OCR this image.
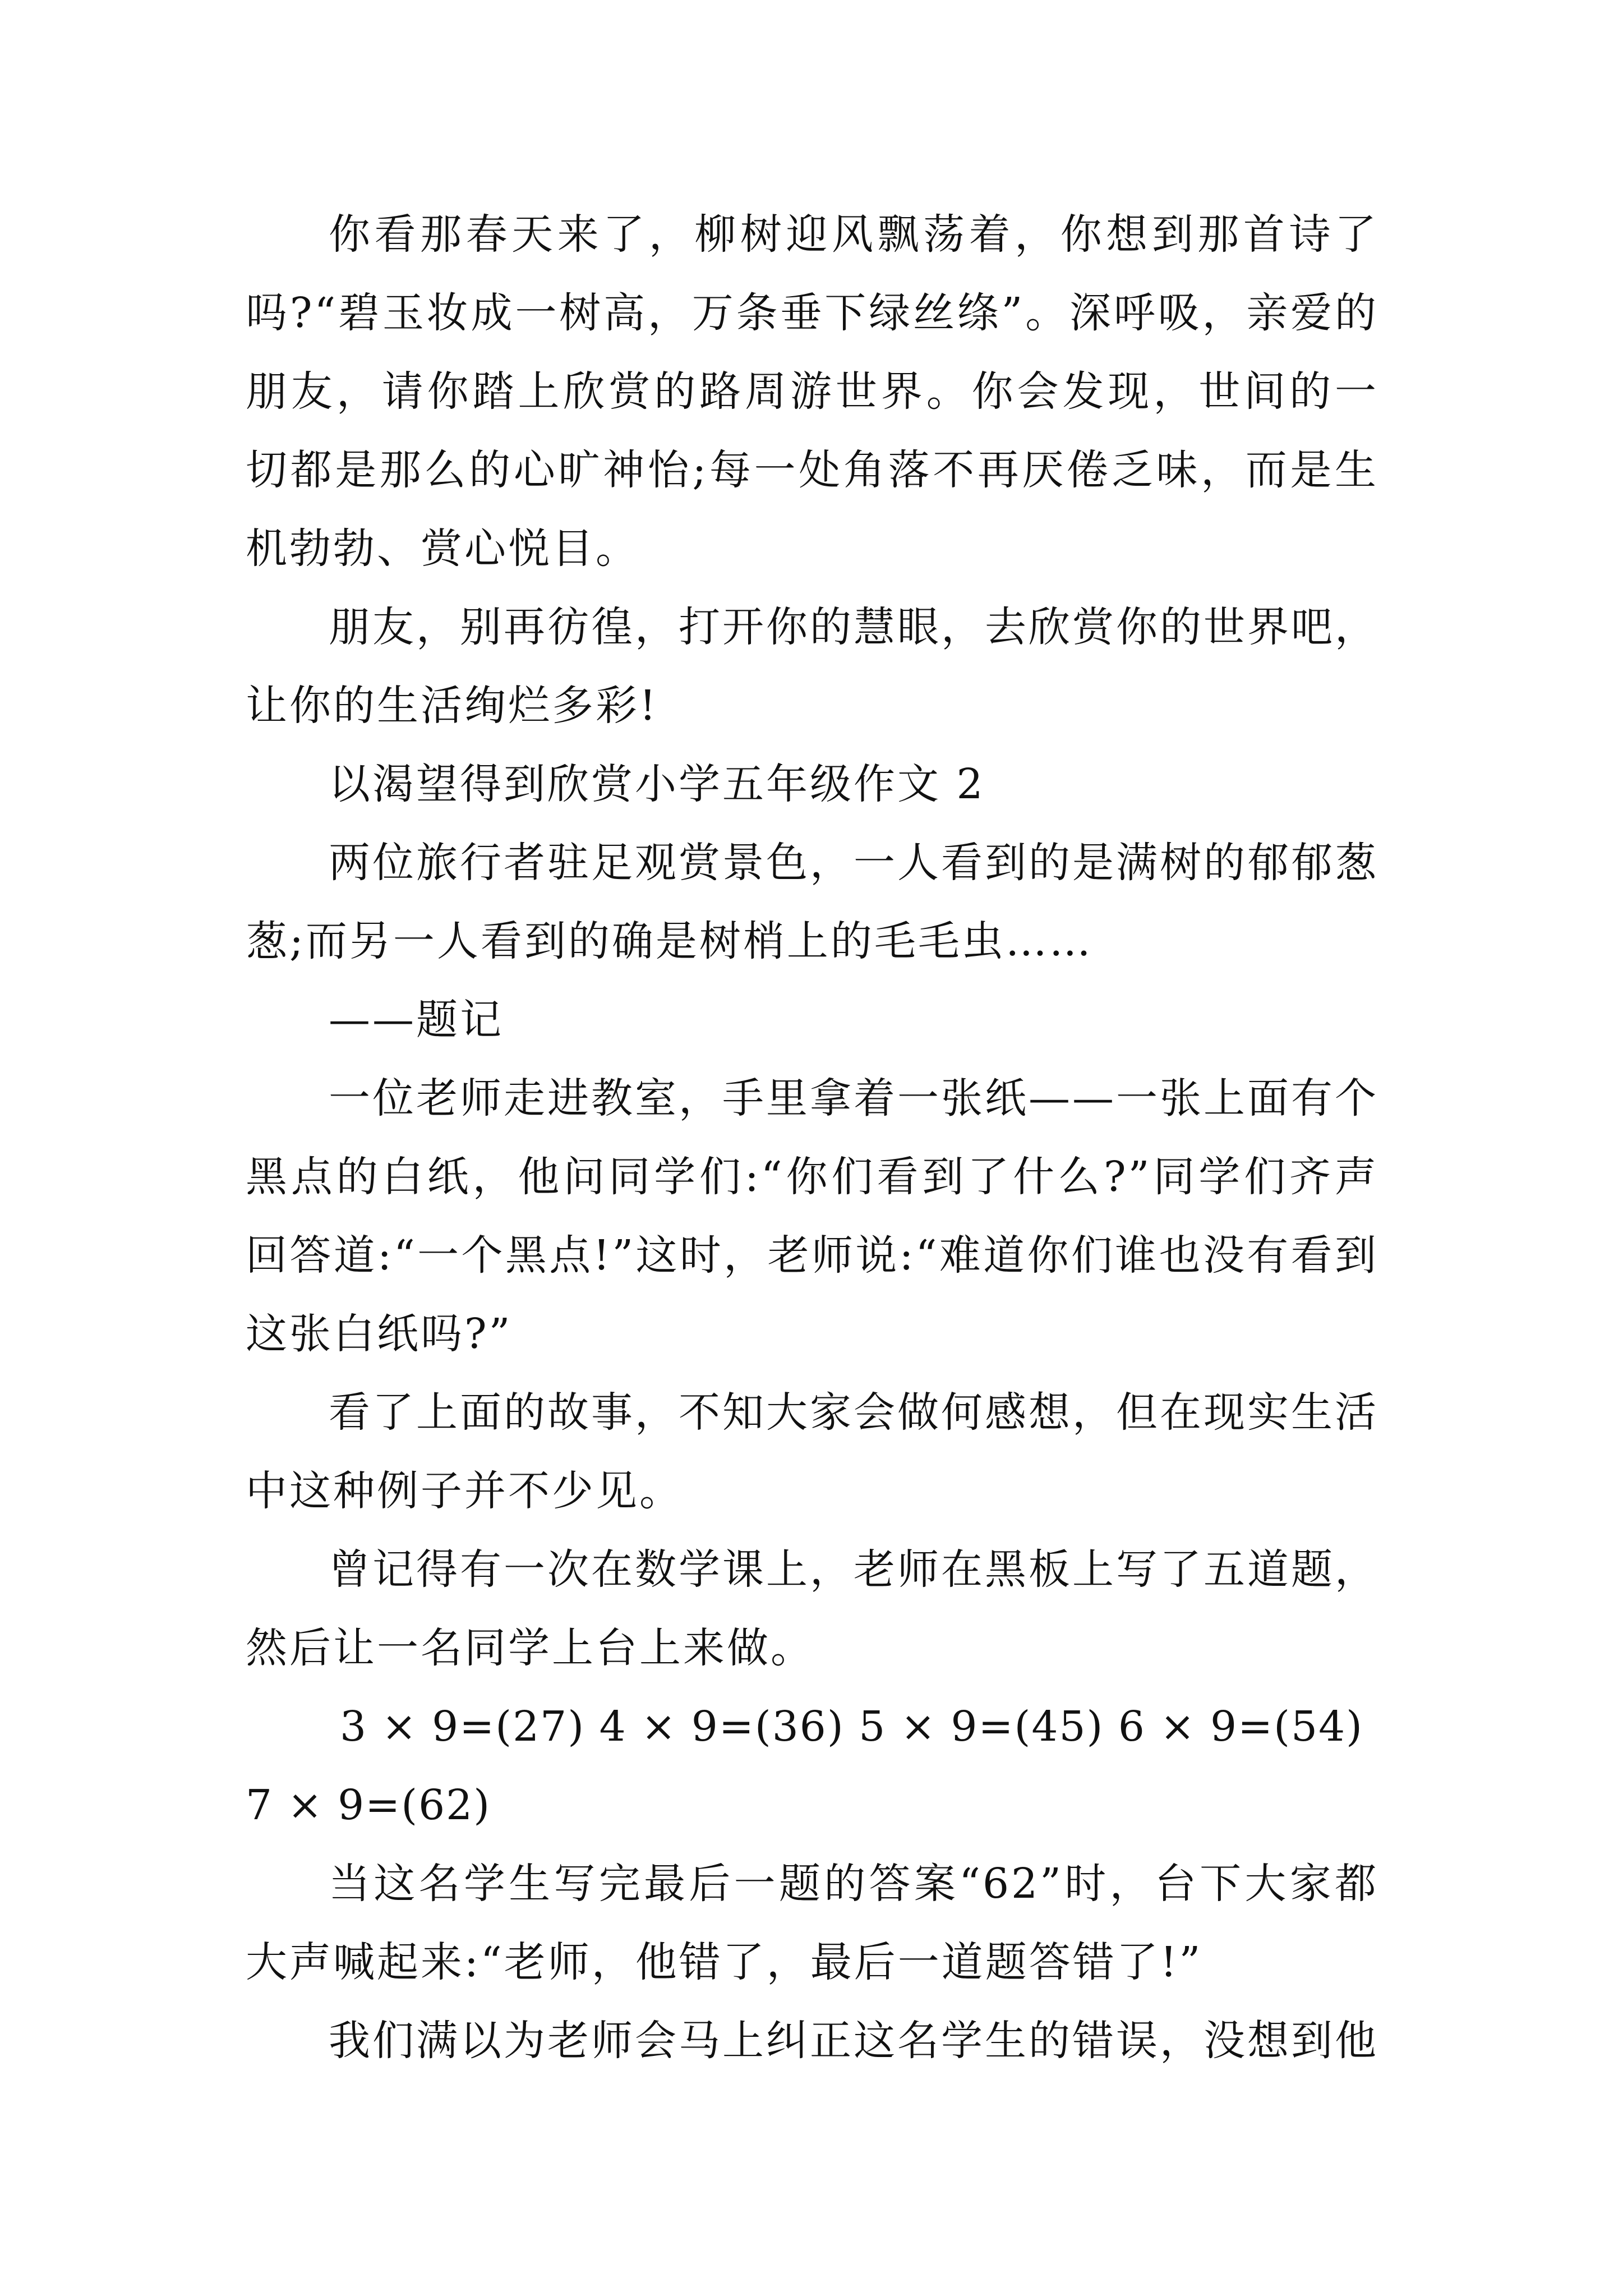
你看那春天来了，柳树迎风飘荡着，你想到那首诗了吗?“碧玉妆成一树高，万条垂下绿丝绦”。深呼吸，亲爱的朋友，请你踏上欣赏的路周游世界。你会发现，世间的一切都是那么的心旷神怡;每一处角落不再厌倦乏味，而是生机勃勃、赏心悦目。

朋友，别再彷徨，打开你的慧眼，去欣赏你的世界吧，让你的生活绚烂多彩!

以渴望得到欣赏小学五年级作文 2

两位旅行者驻足观赏景色，一人看到的是满树的郁郁葱葱;而另一人看到的确是树梢上的毛毛虫……

——题记

一位老师走进教室，手里拿着一张纸——一张上面有个黑点的白纸，他问同学们:“你们看到了什么?”同学们齐声回答道:“一个黑点!”这时，老师说:“难道你们谁也没有看到这张白纸吗?”

看了上面的故事，不知大家会做何感想，但在现实生活中这种例子并不少见。

曾记得有一次在数学课上，老师在黑板上写了五道题，然后让一名同学上台上来做。

3 × 9=(27) 4 × 9=(36) 5 × 9=(45) 6 × 9=(54) 7 × 9=(62)

当这名学生写完最后一题的答案“62”时，台下大家都大声喊起来:“老师，他错了，最后一道题答错了!”

我们满以为老师会马上纠正这名学生的错误，没想到他
